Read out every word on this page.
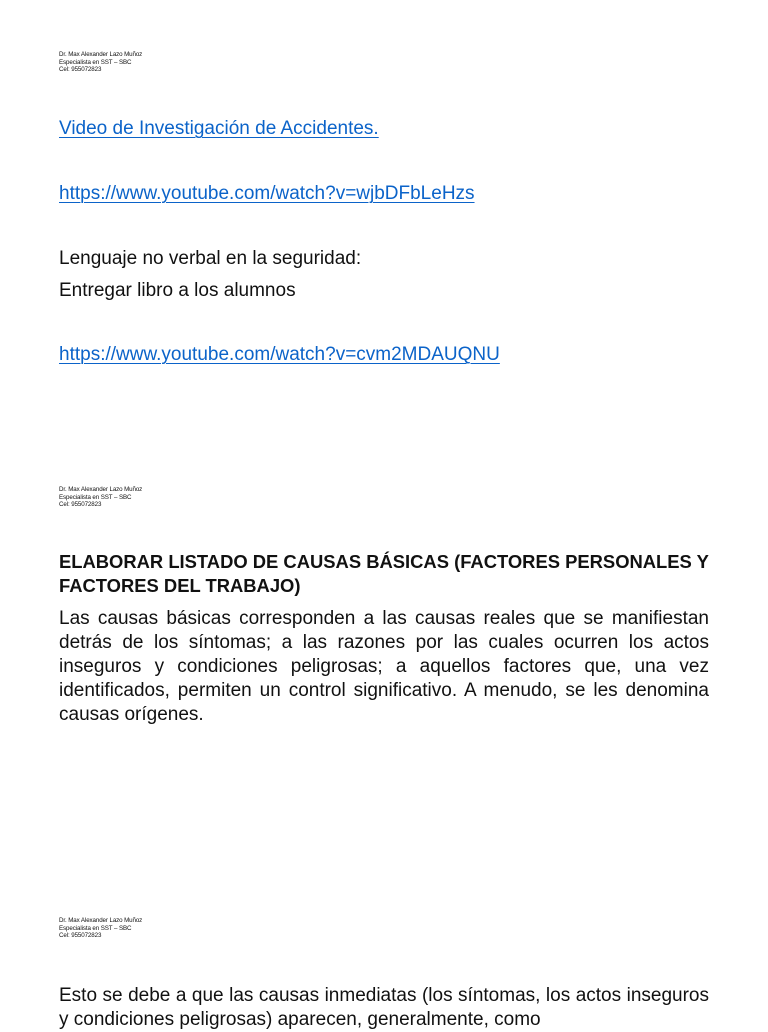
Dr. Max Alexander Lazo Muñoz
Especialista en SST – SBC
Cel: 955072823
Video de Investigación de Accidentes.
https://www.youtube.com/watch?v=wjbDFbLeHzs
Lenguaje no verbal en la seguridad:
Entregar libro a los alumnos
https://www.youtube.com/watch?v=cvm2MDAUQNU
Dr. Max Alexander Lazo Muñoz
Especialista en SST – SBC
Cel: 955072823
ELABORAR LISTADO DE CAUSAS BÁSICAS (FACTORES PERSONALES Y FACTORES DEL TRABAJO)
Las causas básicas corresponden a las causas reales que se manifiestan detrás de los síntomas; a las razones por las cuales ocurren los actos inseguros y condiciones peligrosas; a aquellos factores que, una vez identificados, permiten un control significativo. A menudo, se les denomina causas orígenes.
Dr. Max Alexander Lazo Muñoz
Especialista en SST – SBC
Cel: 955072823
Esto se debe a que las causas inmediatas (los síntomas, los actos inseguros y condiciones peligrosas) aparecen, generalmente, como
